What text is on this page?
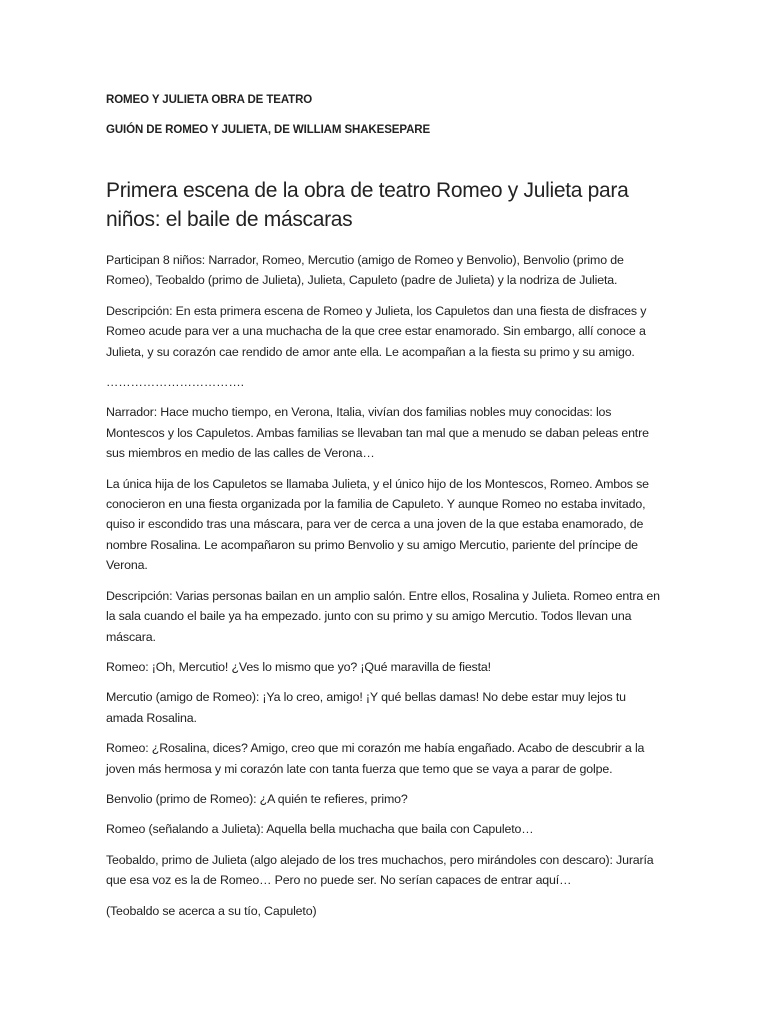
ROMEO Y JULIETA OBRA DE TEATRO

GUIÓN DE ROMEO Y JULIETA, DE WILLIAM SHAKESEPARE

Primera escena de la obra de teatro Romeo y Julieta para niños: el baile de máscaras

Participan 8 niños: Narrador, Romeo, Mercutio (amigo de Romeo y Benvolio), Benvolio (primo de Romeo), Teobaldo (primo de Julieta), Julieta, Capuleto (padre de Julieta) y la nodriza de Julieta.

Descripción: En esta primera escena de Romeo y Julieta, los Capuletos dan una fiesta de disfraces y Romeo acude para ver a una muchacha de la que cree estar enamorado. Sin embargo, allí conoce a Julieta, y su corazón cae rendido de amor ante ella. Le acompañan a la fiesta su primo y su amigo.

…………………………….

Narrador: Hace mucho tiempo, en Verona, Italia, vivían dos familias nobles muy conocidas: los Montescos y los Capuletos. Ambas familias se llevaban tan mal que a menudo se daban peleas entre sus miembros en medio de las calles de Verona…

La única hija de los Capuletos se llamaba Julieta, y el único hijo de los Montescos, Romeo. Ambos se conocieron en una fiesta organizada por la familia de Capuleto. Y aunque Romeo no estaba invitado, quiso ir escondido tras una máscara, para ver de cerca a una joven de la que estaba enamorado, de nombre Rosalina. Le acompañaron su primo Benvolio y su amigo Mercutio, pariente del príncipe de Verona.

Descripción: Varias personas bailan en un amplio salón. Entre ellos, Rosalina y Julieta. Romeo entra en la sala cuando el baile ya ha empezado. junto con su primo y su amigo Mercutio. Todos llevan una máscara.

Romeo: ¡Oh, Mercutio! ¿Ves lo mismo que yo? ¡Qué maravilla de fiesta!

Mercutio (amigo de Romeo): ¡Ya lo creo, amigo! ¡Y qué bellas damas! No debe estar muy lejos tu amada Rosalina.

Romeo: ¿Rosalina, dices? Amigo, creo que mi corazón me había engañado. Acabo de descubrir a la joven más hermosa y mi corazón late con tanta fuerza que temo que se vaya a parar de golpe.

Benvolio (primo de Romeo): ¿A quién te refieres, primo?

Romeo (señalando a Julieta): Aquella bella muchacha que baila con Capuleto…

Teobaldo, primo de Julieta (algo alejado de los tres muchachos, pero mirándoles con descaro): Juraría que esa voz es la de Romeo… Pero no puede ser. No serían capaces de entrar aquí…

(Teobaldo se acerca a su tío, Capuleto)
